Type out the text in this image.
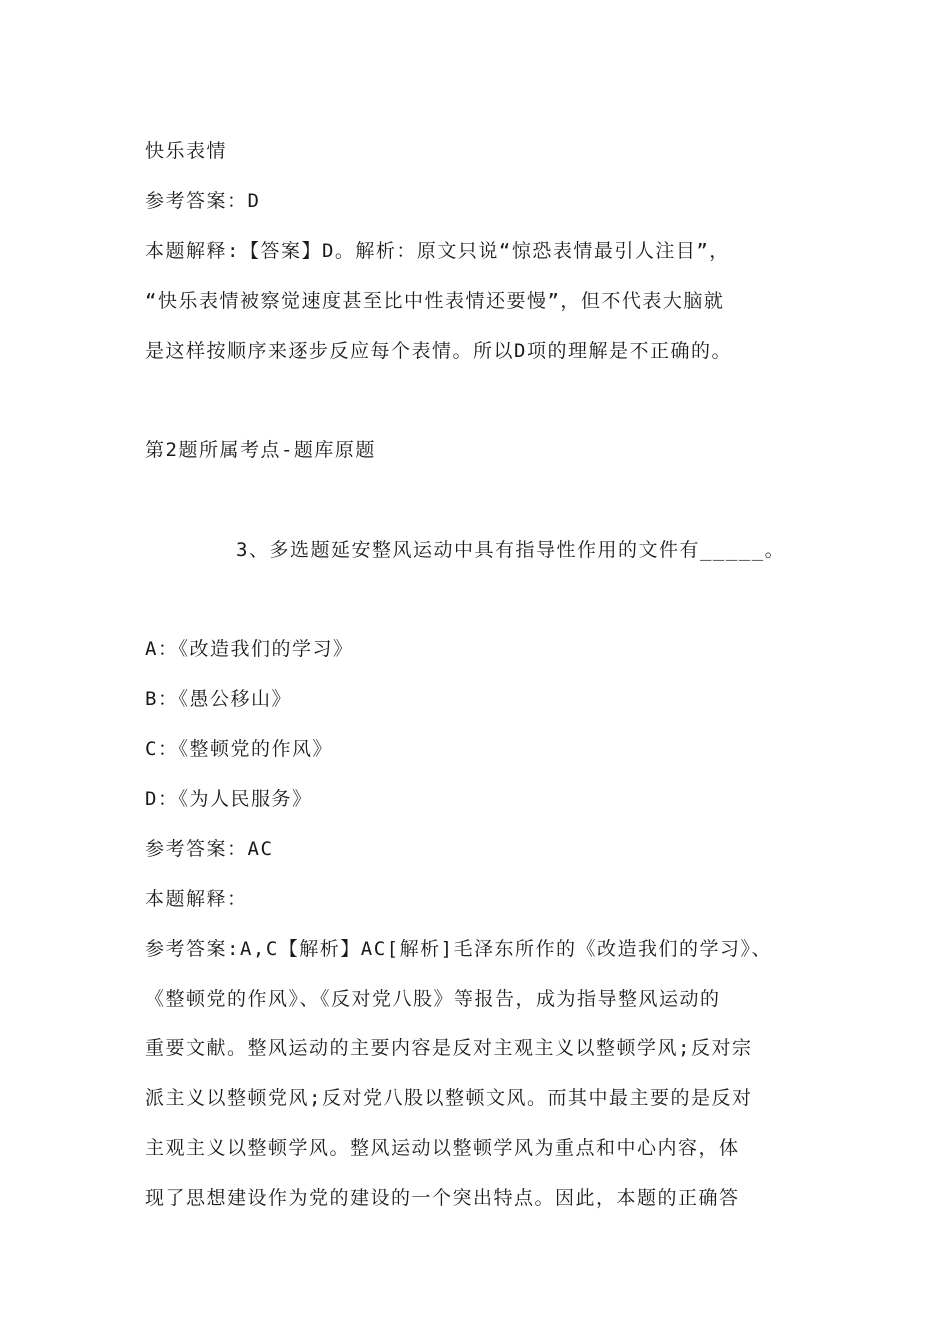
快乐表情
参考答案：D
本题解释:【答案】D。解析：原文只说“惊恐表情最引人注目”，
“快乐表情被察觉速度甚至比中性表情还要慢”，但不代表大脑就
是这样按顺序来逐步反应每个表情。所以D项的理解是不正确的。
第2题所属考点-题库原题
3、多选题延安整风运动中具有指导性作用的文件有_____。
A：《改造我们的学习》
B：《愚公移山》
C：《整顿党的作风》
D：《为人民服务》
参考答案：AC
本题解释：
参考答案:A,C【解析】AC[解析]毛泽东所作的《改造我们的学习》、
《整顿党的作风》、《反对党八股》等报告，成为指导整风运动的
重要文献。整风运动的主要内容是反对主观主义以整顿学风;反对宗
派主义以整顿党风;反对党八股以整顿文风。而其中最主要的是反对
主观主义以整顿学风。整风运动以整顿学风为重点和中心内容，体
现了思想建设作为党的建设的一个突出特点。因此，本题的正确答
